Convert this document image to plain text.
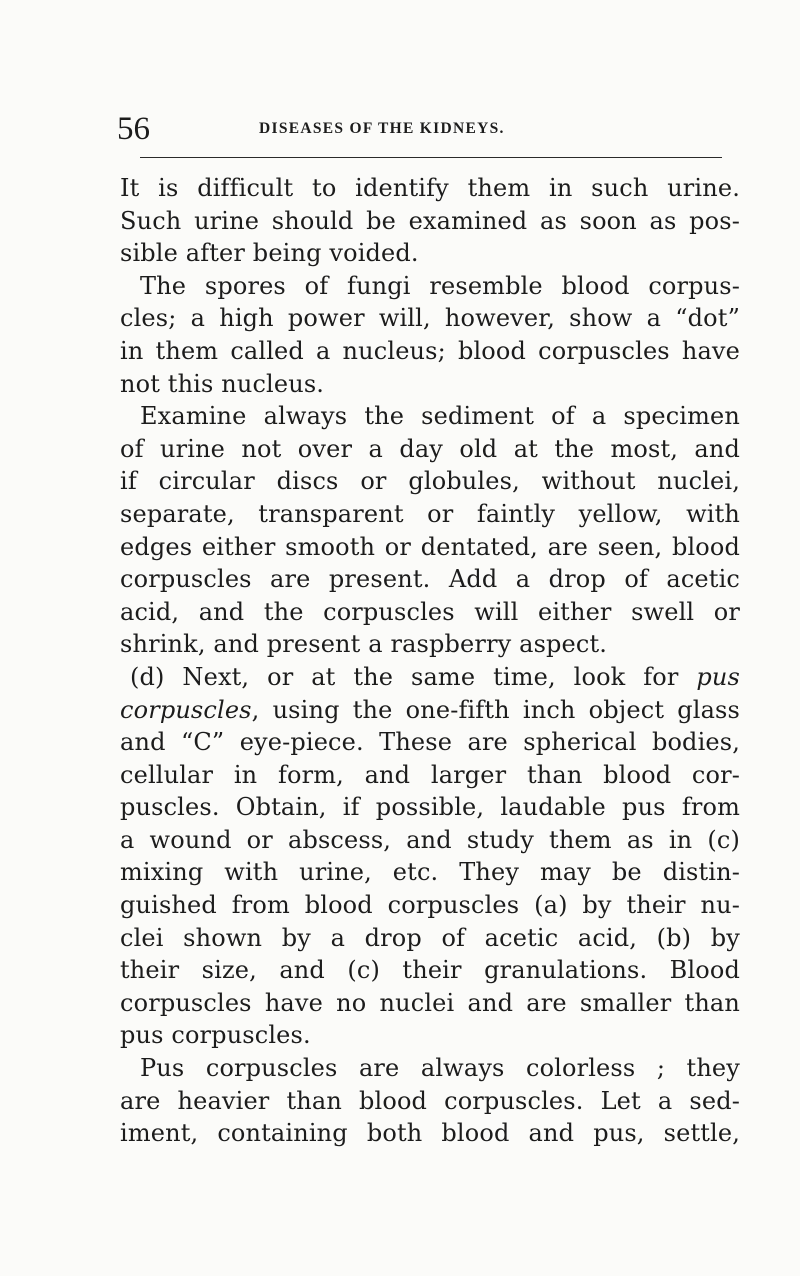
56	DISEASES OF THE KIDNEYS.
It is difficult to identify them in such urine.
Such urine should be examined as soon as pos-
sible after being voided.
The spores of fungi resemble blood corpus-
cles; a high power will, however, show a “dot”
in them called a nucleus; blood corpuscles have
not this nucleus.
Examine always the sediment of a specimen
of urine not over a day old at the most, and
if circular discs or globules, without nuclei,
separate, transparent or faintly yellow, with
edges either smooth or dentated, are seen, blood
corpuscles are present. Add a drop of acetic
acid, and the corpuscles will either swell or
shrink, and present a raspberry aspect.
(d) Next, or at the same time, look for pus
corpuscles, using the one-fifth inch object glass
and “C” eye-piece. These are spherical bodies,
cellular in form, and larger than blood cor-
puscles. Obtain, if possible, laudable pus from
a wound or abscess, and study them as in (c)
mixing with urine, etc. They may be distin-
guished from blood corpuscles (a) by their nu-
clei shown by a drop of acetic acid, (b) by
their size, and (c) their granulations. Blood
corpuscles have no nuclei and are smaller than
pus corpuscles.
Pus corpuscles are always colorless ; they
are heavier than blood corpuscles. Let a sed-
iment, containing both blood and pus, settle,
